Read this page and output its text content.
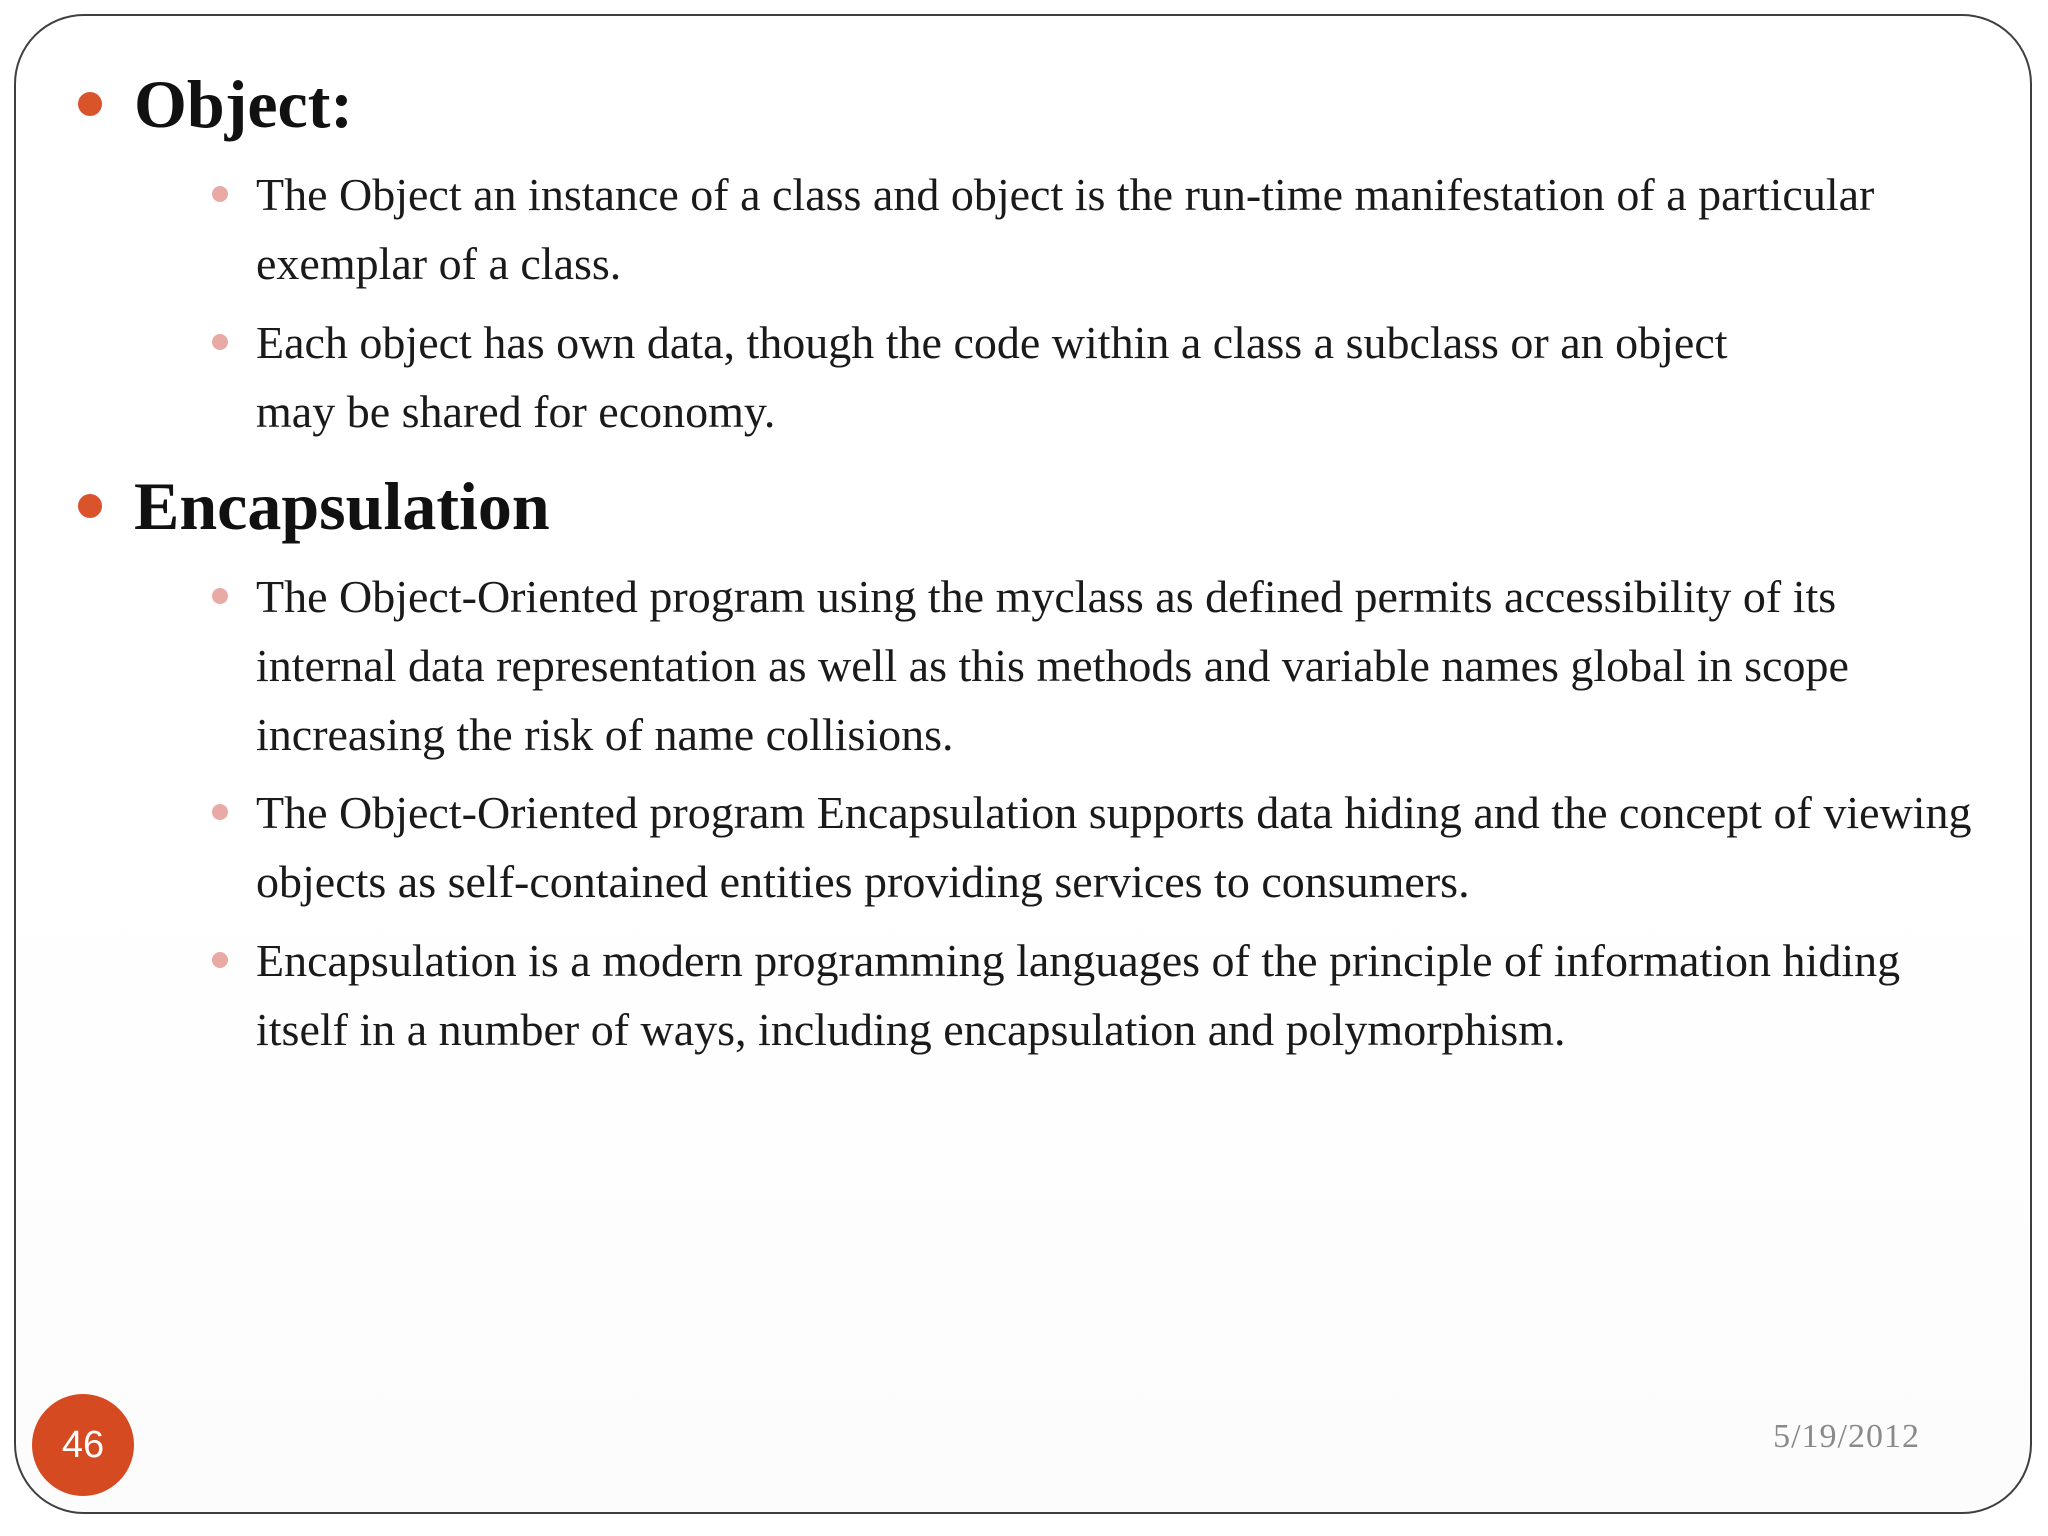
Object:
The Object an instance of a class and object is the run-time manifestation of a particular exemplar of a class.
Each object has own data, though the code within a class a subclass or an object may be shared for economy.
Encapsulation
The Object-Oriented program using the myclass as defined permits accessibility of its internal data representation as well as this methods and variable names global in scope increasing the risk of name collisions.
The Object-Oriented program Encapsulation supports data hiding and the concept of viewing objects as self-contained entities providing services to consumers.
Encapsulation is a modern programming languages of the principle of information hiding itself in a number of ways, including encapsulation and polymorphism.
46	5/19/2012
